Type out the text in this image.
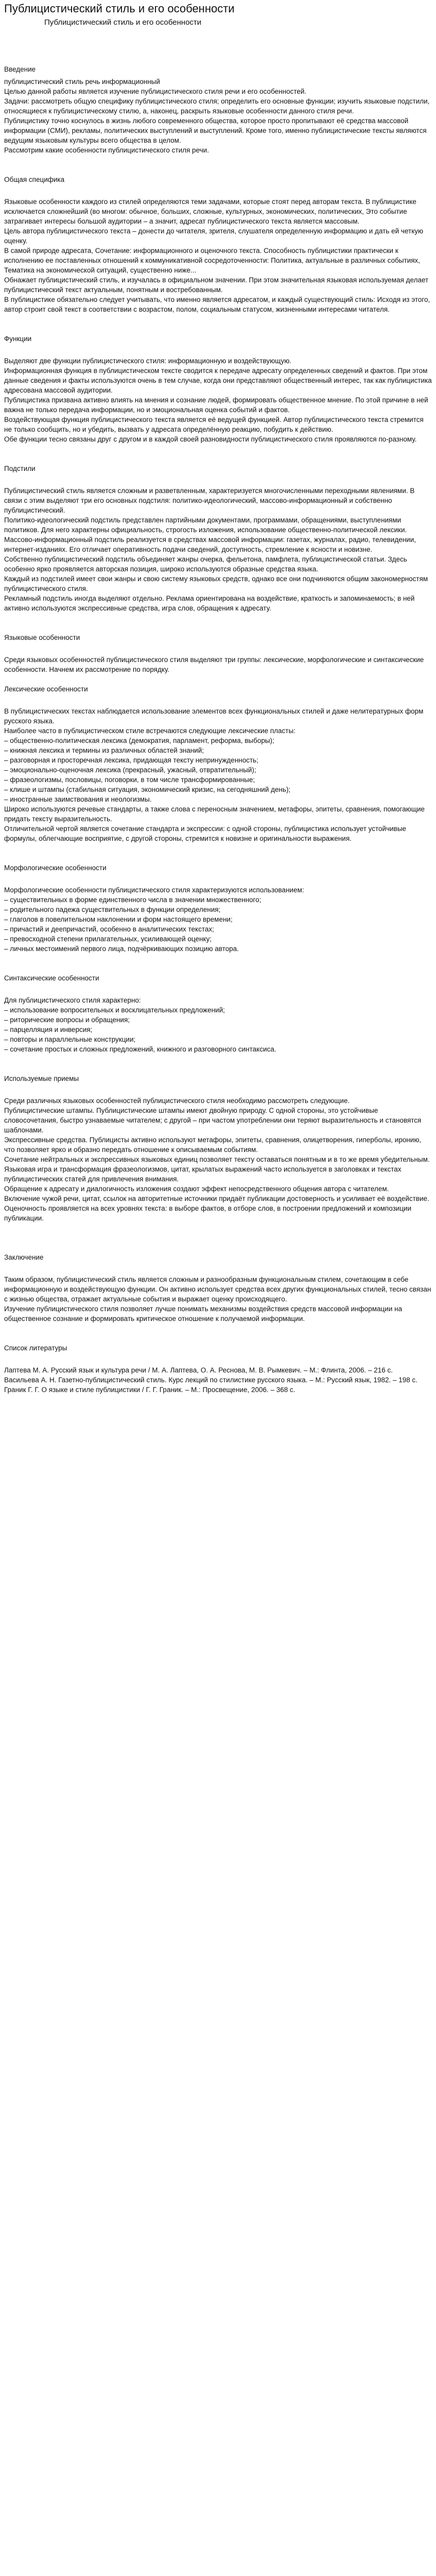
Публицистический стиль и его особенности
Публицистический стиль и его особенности
Введение
публицистический стиль речь информационный
Целью данной работы является изучение публицистического стиля речи и его особенностей.
Задачи: рассмотреть общую специфику публицистического стиля; определить его основные функции; изучить языковые подстили, относящиеся к публицистическому стилю, а, наконец, раскрыть языковые особенности данного стиля речи.
Публицистику точно коснулось в жизнь любого современного общества, которое просто пропитывают её средства массовой информации (СМИ), рекламы, политических выступлений и выступлений. Кроме того, именно публицистические тексты являются ведущим языковым культуры всего общества в целом.
Рассмотрим какие особенности публицистического стиля речи.
Общая специфика
Языковые особенности каждого из стилей определяются теми задачами, которые стоят перед авторам текста. В публицистике исключается сложнейший (во многом: обычное, больших, сложные, культурных, экономических, политических, Это событие затрагивает интересы большой аудитории – а значит, адресат публицистического текста является массовым.
Цель автора публицистического текста – донести до читателя, зрителя, слушателя определенную информацию и дать ей четкую оценку.
В самой природе адресата, Сочетание: информационного и оценочного текста. Способность публицистики практически к исполнению ее поставленных отношений к коммуникативной сосредоточенности: Политика, актуальные в различных событиях, Тематика на экономической ситуаций, существенно ниже...
Обнажает публицистический стиль, и изучалась в официальном значении. При этом значительная языковая используемая делает публицистический текст актуальным, понятным и востребованным.
В публицистике обязательно следует учитывать, что именно является адресатом, и каждый существующий стиль: Исходя из этого, автор строит свой текст в соответствии с возрастом, полом, социальным статусом, жизненными интересами читателя.
Функции
Выделяют две функции публицистического стиля: информационную и воздействующую.
Информационная функция в публицистическом тексте сводится к передаче адресату определенных сведений и фактов. При этом данные сведения и факты используются очень в тем случае, когда они представляют общественный интерес, так как публицистика адресована массовой аудитории.
Публицистика призвана активно влиять на мнения и сознание людей, формировать общественное мнение. По этой причине в ней важна не только передача информации, но и эмоциональная оценка событий и фактов.
Воздействующая функция публицистического текста является её ведущей функцией. Автор публицистического текста стремится не только сообщить, но и убедить, вызвать у адресата определённую реакцию, побудить к действию.
Обе функции тесно связаны друг с другом и в каждой своей разновидности публицистического стиля проявляются по-разному.
Подстили
Публицистический стиль является сложным и разветвленным, характеризуется многочисленными переходными явлениями. В связи с этим выделяют три его основных подстиля: политико-идеологический, массово-информационный и собственно публицистический.
Политико-идеологический подстиль представлен партийными документами, программами, обращениями, выступлениями политиков. Для него характерны официальность, строгость изложения, использование общественно-политической лексики.
Массово-информационный подстиль реализуется в средствах массовой информации: газетах, журналах, радио, телевидении, интернет-изданиях. Его отличает оперативность подачи сведений, доступность, стремление к ясности и новизне.
Собственно публицистический подстиль объединяет жанры очерка, фельетона, памфлета, публицистической статьи. Здесь особенно ярко проявляется авторская позиция, широко используются образные средства языка.
Каждый из подстилей имеет свои жанры и свою систему языковых средств, однако все они подчиняются общим закономерностям публицистического стиля.
Рекламный подстиль иногда выделяют отдельно. Реклама ориентирована на воздействие, краткость и запоминаемость; в ней активно используются экспрессивные средства, игра слов, обращения к адресату.
Языковые особенности
Среди языковых особенностей публицистического стиля выделяют три группы: лексические, морфологические и синтаксические особенности. Начнем их рассмотрение по порядку.
Лексические особенности
В публицистических текстах наблюдается использование элементов всех функциональных стилей и даже нелитературных форм русского языка.
Наиболее часто в публицистическом стиле встречаются следующие лексические пласты:
– общественно-политическая лексика (демократия, парламент, реформа, выборы);
– книжная лексика и термины из различных областей знаний;
– разговорная и просторечная лексика, придающая тексту непринужденность;
– эмоционально-оценочная лексика (прекрасный, ужасный, отвратительный);
– фразеологизмы, пословицы, поговорки, в том числе трансформированные;
– клише и штампы (стабильная ситуация, экономический кризис, на сегодняшний день);
– иностранные заимствования и неологизмы.
Широко используются речевые стандарты, а также слова с переносным значением, метафоры, эпитеты, сравнения, помогающие придать тексту выразительность.
Отличительной чертой является сочетание стандарта и экспрессии: с одной стороны, публицистика использует устойчивые формулы, облегчающие восприятие, с другой стороны, стремится к новизне и оригинальности выражения.
Морфологические особенности
Морфологические особенности публицистического стиля характеризуются использованием:
– существительных в форме единственного числа в значении множественного;
– родительного падежа существительных в функции определения;
– глаголов в повелительном наклонении и форм настоящего времени;
– причастий и деепричастий, особенно в аналитических текстах;
– превосходной степени прилагательных, усиливающей оценку;
– личных местоимений первого лица, подчёркивающих позицию автора.
Синтаксические особенности
Для публицистического стиля характерно:
– использование вопросительных и восклицательных предложений;
– риторические вопросы и обращения;
– парцелляция и инверсия;
– повторы и параллельные конструкции;
– сочетание простых и сложных предложений, книжного и разговорного синтаксиса.
Используемые приемы
Среди различных языковых особенностей публицистического стиля необходимо рассмотреть следующие.
Публицистические штампы. Публицистические штампы имеют двойную природу. С одной стороны, это устойчивые словосочетания, быстро узнаваемые читателем; с другой – при частом употреблении они теряют выразительность и становятся шаблонами.
Экспрессивные средства. Публицисты активно используют метафоры, эпитеты, сравнения, олицетворения, гиперболы, иронию, что позволяет ярко и образно передать отношение к описываемым событиям.
Сочетание нейтральных и экспрессивных языковых единиц позволяет тексту оставаться понятным и в то же время убедительным.
Языковая игра и трансформация фразеологизмов, цитат, крылатых выражений часто используется в заголовках и текстах публицистических статей для привлечения внимания.
Обращение к адресату и диалогичность изложения создают эффект непосредственного общения автора с читателем.
Включение чужой речи, цитат, ссылок на авторитетные источники придаёт публикации достоверность и усиливает её воздействие.
Оценочность проявляется на всех уровнях текста: в выборе фактов, в отборе слов, в построении предложений и композиции публикации.
Заключение
Таким образом, публицистический стиль является сложным и разнообразным функциональным стилем, сочетающим в себе информационную и воздействующую функции. Он активно использует средства всех других функциональных стилей, тесно связан с жизнью общества, отражает актуальные события и выражает оценку происходящего.
Изучение публицистического стиля позволяет лучше понимать механизмы воздействия средств массовой информации на общественное сознание и формировать критическое отношение к получаемой информации.
Список литературы
Лаптева М. А. Русский язык и культура речи / М. А. Лаптева, О. А. Реснова, М. В. Рымкевич. – М.: Флинта, 2006. – 216 с.
Васильева А. Н. Газетно-публицистический стиль. Курс лекций по стилистике русского языка. – М.: Русский язык, 1982. – 198 с.
Граник Г. Г. О языке и стиле публицистики / Г. Г. Граник. – М.: Просвещение, 2006. – 368 с.
